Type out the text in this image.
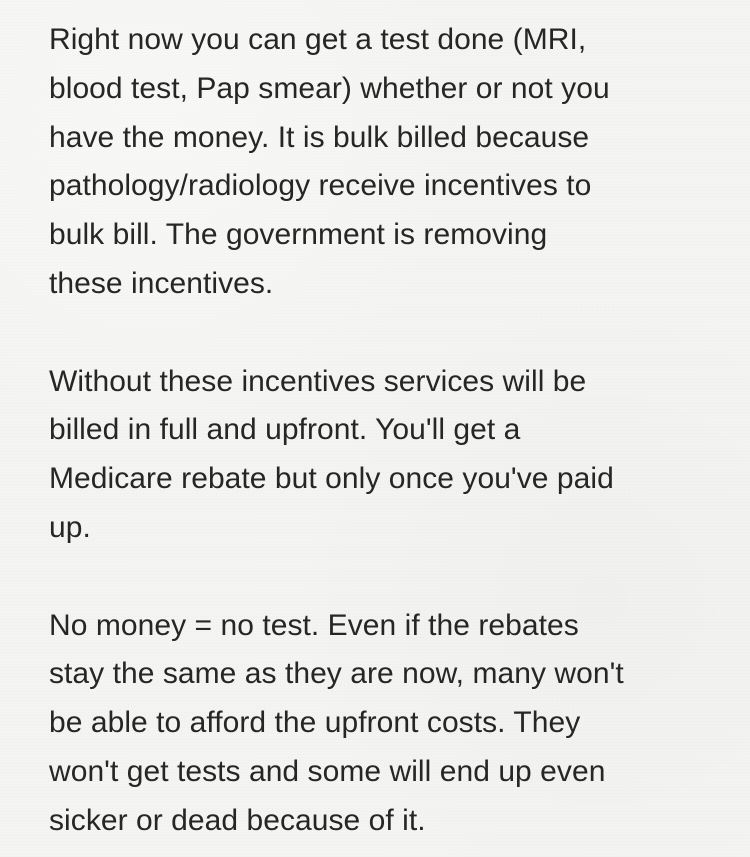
Right now you can get a test done (MRI,
blood test, Pap smear) whether or not you
have the money. It is bulk billed because
pathology/radiology receive incentives to
bulk bill. The government is removing
these incentives.

Without these incentives services will be
billed in full and upfront. You'll get a
Medicare rebate but only once you've paid
up.

No money = no test. Even if the rebates
stay the same as they are now, many won't
be able to afford the upfront costs. They
won't get tests and some will end up even
sicker or dead because of it.
